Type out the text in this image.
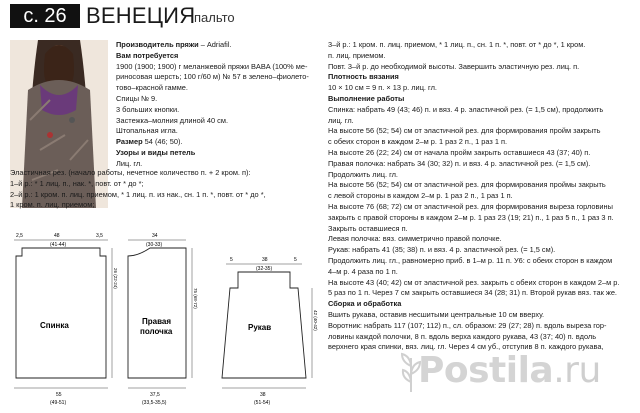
с. 26 ВЕНЕЦИЯ
пальто
Производитель пряжи – Adriafil.
Вам потребуется
1900 (1900; 1900) г меланжевой пряжи BABA (100% ме-
риносовая шерсть; 100 г/60 м) № 57 в зелено–фиолето-
тово–красной гамме.
Спицы № 9.
3 больших кнопки.
Застежка–молния длиной 40 см.
Штопальная игла.
Размер 54 (46; 50).
Узоры и виды петель
Лиц. гл.
Эластичная рез. (начало работы, нечетное количество п. + 2 кром. п):
1–й р.: * 1 лиц. п., нак. *, повт. от * до *;
2–й р.: 1 кром. п. лиц. приемом, * 1 лиц. п. из нак., сн. 1 п. *, повт. от * до *,
1 кром. п. лиц. приемом;
3–й р.: 1 кром. п. лиц. приемом, * 1 лиц. п., сн. 1 п. *, повт. от * до *, 1 кром.
п. лиц. приемом.
Повт. 3–й р. до необходимой высоты. Завершить эластичную рез. лиц. п.
Плотность вязания
10 × 10 см = 9 п. × 13 р. лиц. гл.
Выполнение работы
Спинка: набрать 49 (43; 46) п. и вяз. 4 р. эластичной рез. (= 1,5 см), продолжить
лиц. гл.
На высоте 56 (52; 54) см от эластичной рез. для формирования пройм закрыть
с обеих сторон в каждом 2–м р. 1 раз 2 п., 1 раз 1 п.
На высоте 26 (22; 24) см от начала пройм закрыть оставшиеся 43 (37; 40) п.
Правая полочка: набрать 34 (30; 32) п. и вяз. 4 р. эластичной рез. (= 1,5 см).
Продолжить лиц. гл.
На высоте 56 (52; 54) см от эластичной рез. для формирования проймы закрыть
с левой стороны в каждом 2–м р. 1 раз 2 п., 1 раз 1 п.
На высоте 76 (68; 72) см от эластичной рез. для формирования выреза горловины
закрыть с правой стороны в каждом 2–м р. 1 раз 23 (19; 21) п., 1 раз 5 п., 1 раз 3 п.
Закрыть оставшиеся п.
Левая полочка: вяз. симметрично правой полочке.
Рукав: набрать 41 (35; 38) п. и вяз. 4 р. эластичной рез. (= 1,5 см).
Продолжить лиц. гл., равномерно приб. в 1–м р. 11 п. У6: с обеих сторон в каждом
4–м р. 4 раза по 1 п.
На высоте 43 (40; 42) см от эластичной рез. закрыть с обеих сторон в каждом 2–м р.
5 раз по 1 п. Через 7 см закрыть оставшиеся 34 (28; 31) п. Второй рукав вяз. так же.
Сборка и обработка
Вшить рукава, оставив несшитыми центральные 10 см вверху.
Воротник: набрать 117 (107; 112) п., сл. образом: 29 (27; 28) п. вдоль выреза гор-
ловины каждой полочки, 8 п. вдоль верха каждого рукава, 43 (37; 40) п. вдоль
верхнего края спинки, вяз. лиц. гл. Через 4 см уб., отступив 8 п. каждого рукава,
2,5	48	3,5
(41-44)
26 (22-24)
Спинка
55
(49-51)
34
(30-33)
75 (68-72)
Правая
полочка
37,5
(33,5-35,5)
5	38	5
(32-35)
42 (40-42)
Рукав
38
(51-54)
Postila.ru
